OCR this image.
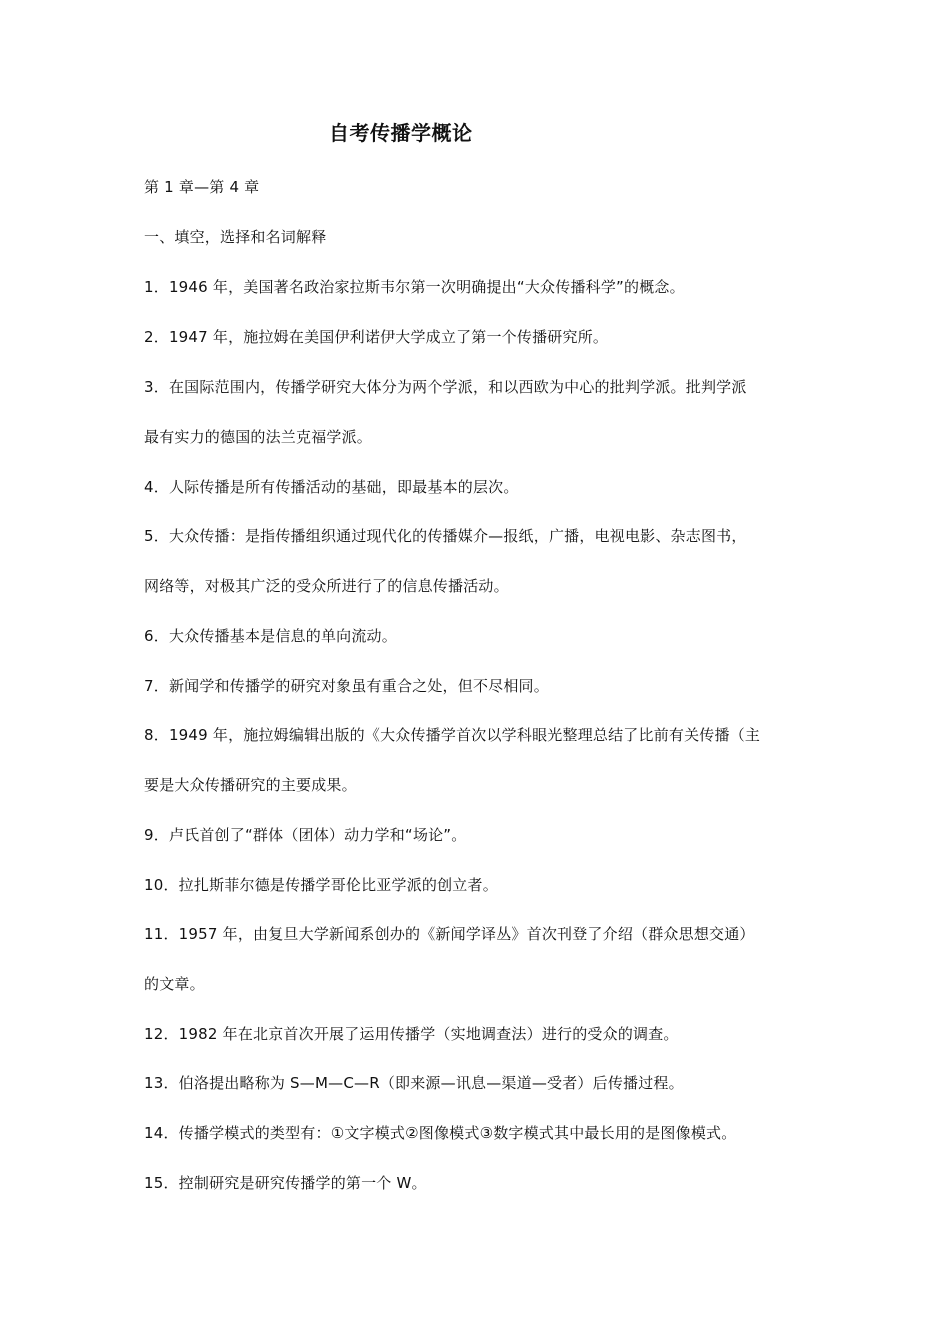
自考传播学概论
第 1 章—第 4 章
一、填空，选择和名词解释
1．1946 年，美国著名政治家拉斯韦尔第一次明确提出“大众传播科学”的概念。
2．1947 年，施拉姆在美国伊利诺伊大学成立了第一个传播研究所。
3．在国际范围内，传播学研究大体分为两个学派，和以西欧为中心的批判学派。批判学派
最有实力的德国的法兰克福学派。
4．人际传播是所有传播活动的基础，即最基本的层次。
5．大众传播：是指传播组织通过现代化的传播媒介—报纸，广播，电视电影、杂志图书，
网络等，对极其广泛的受众所进行了的信息传播活动。
6．大众传播基本是信息的单向流动。
7．新闻学和传播学的研究对象虽有重合之处，但不尽相同。
8．1949 年，施拉姆编辑出版的《大众传播学首次以学科眼光整理总结了比前有关传播（主
要是大众传播研究的主要成果。
9．卢氏首创了“群体（团体）动力学和“场论”。
10．拉扎斯菲尔德是传播学哥伦比亚学派的创立者。
11．1957 年，由复旦大学新闻系创办的《新闻学译丛》首次刊登了介绍（群众思想交通）
的文章。
12．1982 年在北京首次开展了运用传播学（实地调查法）进行的受众的调查。
13．伯洛提出略称为 S—M—C—R（即来源—讯息—渠道—受者）后传播过程。
14．传播学模式的类型有：①文字模式②图像模式③数字模式其中最长用的是图像模式。
15．控制研究是研究传播学的第一个 W。
